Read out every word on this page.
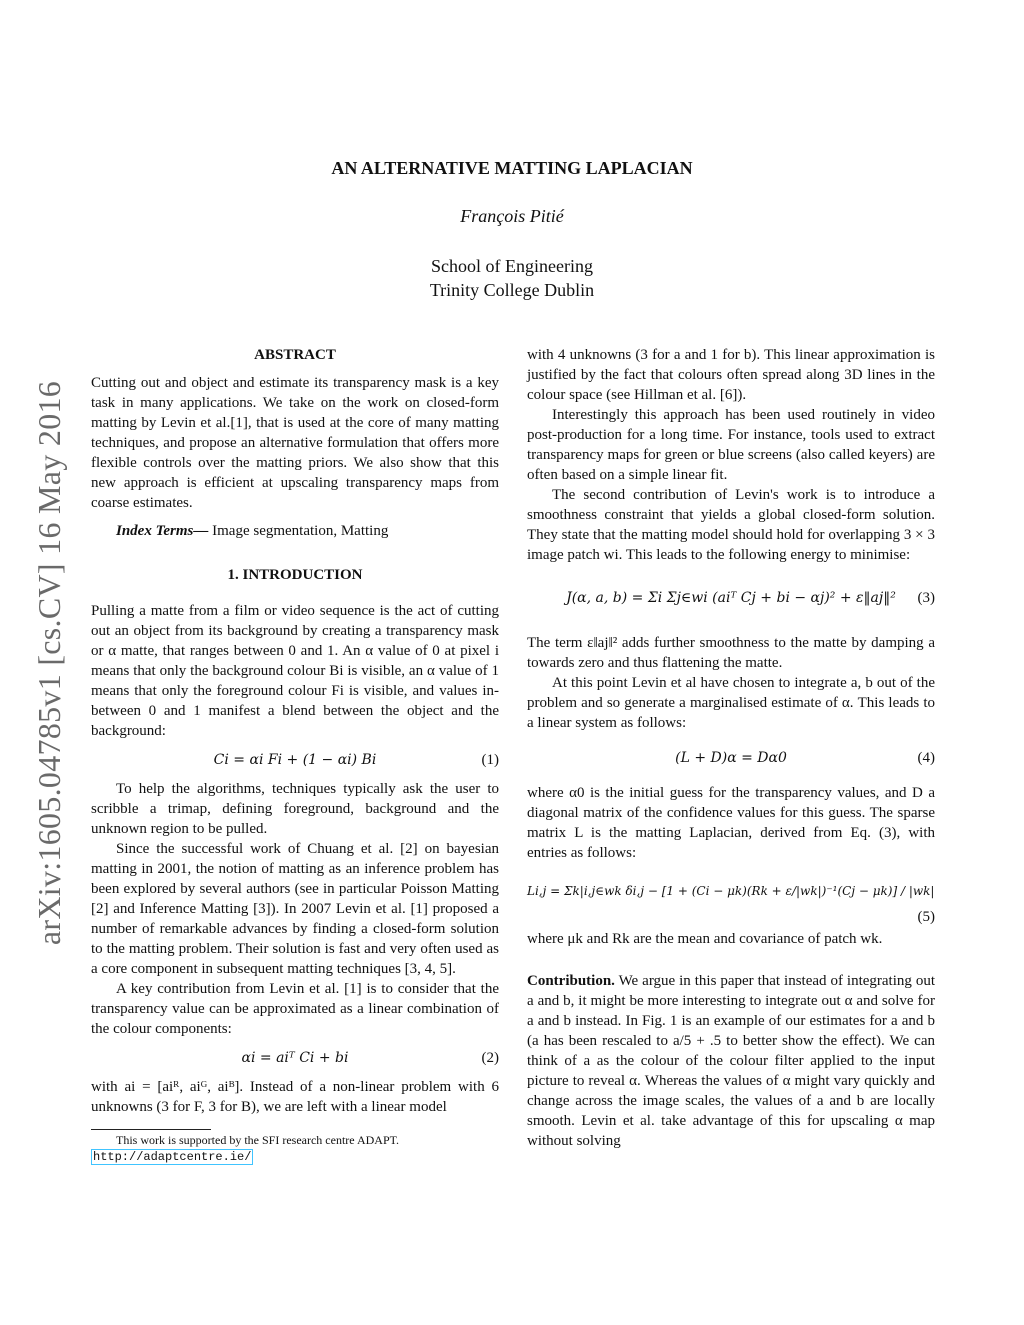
arXiv:1605.04785v1 [cs.CV] 16 May 2016
AN ALTERNATIVE MATTING LAPLACIAN
François Pitié
School of Engineering
Trinity College Dublin
ABSTRACT

Cutting out and object and estimate its transparency mask is a key task in many applications. We take on the work on closed-form matting by Levin et al.[1], that is used at the core of many matting techniques, and propose an alternative formulation that offers more flexible controls over the matting priors. We also show that this new approach is efficient at upscaling transparency maps from coarse estimates.

Index Terms— Image segmentation, Matting

1. INTRODUCTION

Pulling a matte from a film or video sequence is the act of cutting out an object from its background by creating a transparency mask or α matte, that ranges between 0 and 1. An α value of 0 at pixel i means that only the background colour Bi is visible, an α value of 1 means that only the foreground colour Fi is visible, and values in-between 0 and 1 manifest a blend between the object and the background:

Ci = αi Fi + (1 − αi) Bi	(1)

To help the algorithms, techniques typically ask the user to scribble a trimap, defining foreground, background and the unknown region to be pulled.

Since the successful work of Chuang et al. [2] on bayesian matting in 2001, the notion of matting as an inference problem has been explored by several authors (see in particular Poisson Matting [2] and Inference Matting [3]). In 2007 Levin et al. [1] proposed a number of remarkable advances by finding a closed-form solution to the matting problem. Their solution is fast and very often used as a core component in subsequent matting techniques [3, 4, 5].

A key contribution from Levin et al. [1] is to consider that the transparency value can be approximated as a linear combination of the colour components:

αi = aiᵀ Ci + bi	(2)

with ai = [aiᴿ, aiᴳ, aiᴮ]. Instead of a non-linear problem with 6 unknowns (3 for F, 3 for B), we are left with a linear model

This work is supported by the SFI research centre ADAPT.
http://adaptcentre.ie/

with 4 unknowns (3 for a and 1 for b). This linear approximation is justified by the fact that colours often spread along 3D lines in the colour space (see Hillman et al. [6]).

Interestingly this approach has been used routinely in video post-production for a long time. For instance, tools used to extract transparency maps for green or blue screens (also called keyers) are often based on a simple linear fit.

The second contribution of Levin's work is to introduce a smoothness constraint that yields a global closed-form solution. They state that the matting model should hold for overlapping 3 × 3 image patch wi. This leads to the following energy to minimise:

J(α, a, b) = Σi Σj∈wi (aiᵀ Cj + bi − αj)² + ε‖aj‖² (3)

The term ε‖aj‖² adds further smoothness to the matte by damping a towards zero and thus flattening the matte.

At this point Levin et al have chosen to integrate a, b out of the problem and so generate a marginalised estimate of α. This leads to a linear system as follows:

(L + D)α = Dα0	(4)

where α0 is the initial guess for the transparency values, and D a diagonal matrix of the confidence values for this guess. The sparse matrix L is the matting Laplacian, derived from Eq. (3), with entries as follows:

Li,j = Σk|i,j∈wk δi,j − [1 + (Ci − μk)(Rk + ε/|wk|)⁻¹(Cj − μk)] / |wk|
(5)

where μk and Rk are the mean and covariance of patch wk.

Contribution. We argue in this paper that instead of integrating out a and b, it might be more interesting to integrate out α and solve for a and b instead. In Fig. 1 is an example of our estimates for a and b (a has been rescaled to a/5 + .5 to better show the effect). We can think of a as the colour of the colour filter applied to the input picture to reveal α. Whereas the values of α might vary quickly and change across the image scales, the values of a and b are locally smooth. Levin et al. take advantage of this for upscaling α map without solving
